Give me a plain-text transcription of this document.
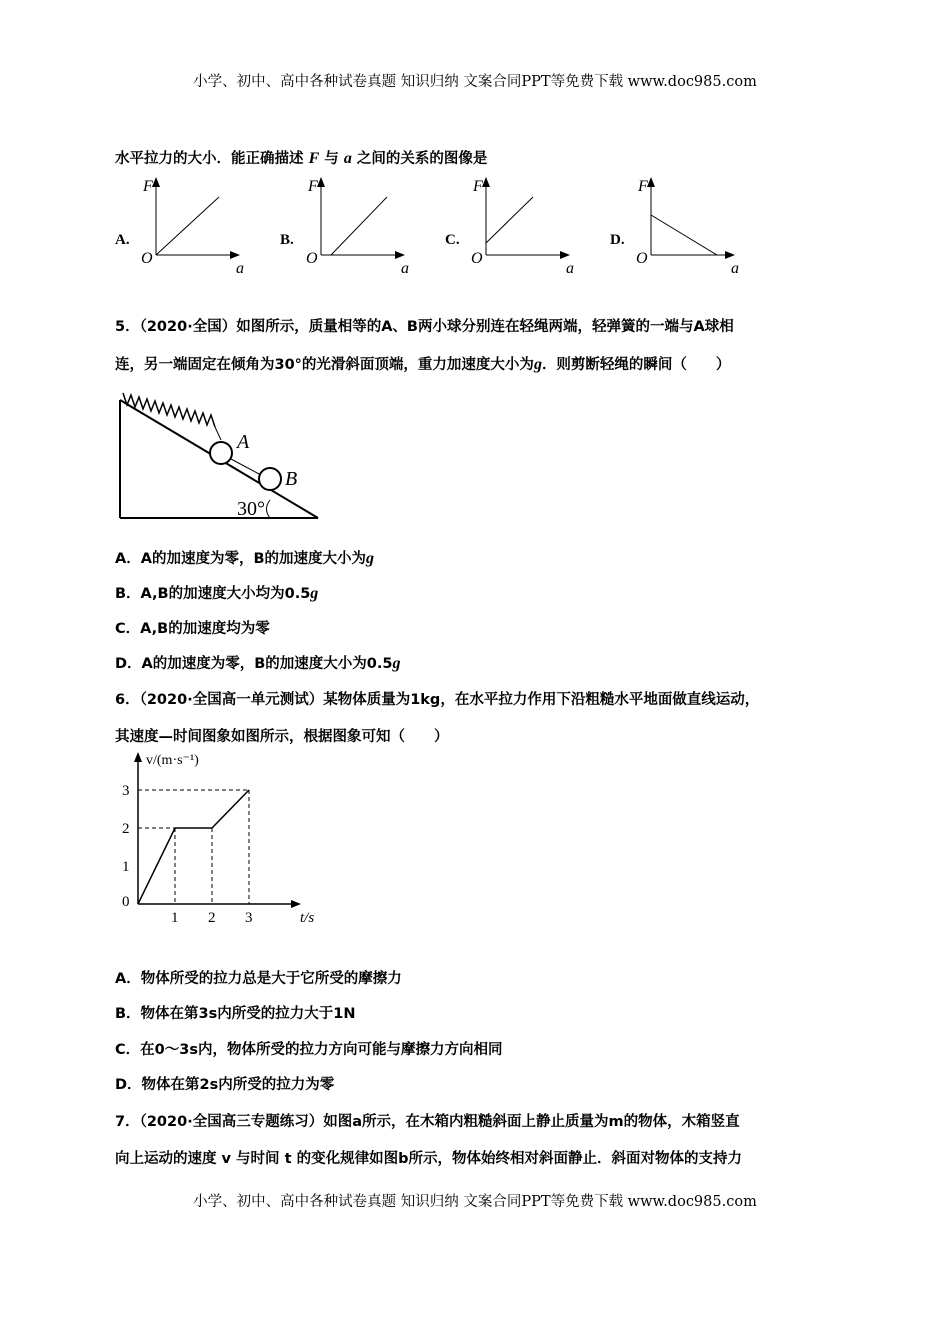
小学、初中、高中各种试卷真题 知识归纳 文案合同PPT等免费下载 www.doc985.com
水平拉力的大小．能正确描述 F 与 a 之间的关系的图像是
A.	B.	C.	D.
F
O
a
F
O
a
F
O
a
F
O
a
5．（2020·全国）如图所示，质量相等的A、B两小球分别连在轻绳两端，轻弹簧的一端与A球相
连，另一端固定在倾角为30°的光滑斜面顶端，重力加速度大小为g．则剪断轻绳的瞬间（　　）
A
B
30°
A．A的加速度为零，B的加速度大小为g
B．A,B的加速度大小均为0.5g
C．A,B的加速度均为零
D．A的加速度为零，B的加速度大小为0.5g
6．（2020·全国高一单元测试）某物体质量为1kg，在水平拉力作用下沿粗糙水平地面做直线运动，
其速度—时间图象如图所示，根据图象可知（　　）
1 2 3
0
1
2
3
v/(m·s⁻¹)
t/s
A．物体所受的拉力总是大于它所受的摩擦力
B．物体在第3s内所受的拉力大于1N
C．在0～3s内，物体所受的拉力方向可能与摩擦力方向相同
D．物体在第2s内所受的拉力为零
7．（2020·全国高三专题练习）如图a所示，在木箱内粗糙斜面上静止质量为m的物体，木箱竖直
向上运动的速度 v 与时间 t 的变化规律如图b所示，物体始终相对斜面静止．斜面对物体的支持力
小学、初中、高中各种试卷真题 知识归纳 文案合同PPT等免费下载 www.doc985.com
